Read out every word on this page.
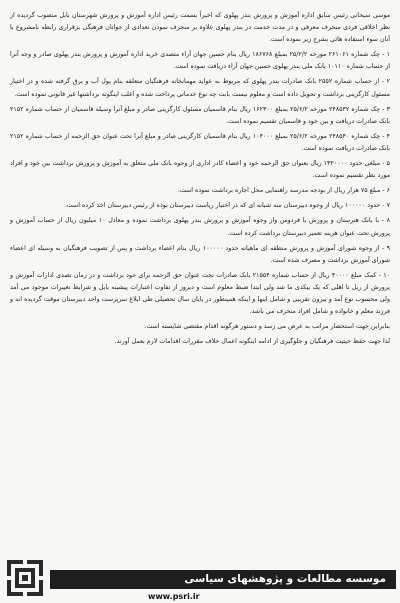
موسی سیحانی رئیس سابق اداره آموزش و پرورش بندر پهلوی که اخیراً بسمت رئیس اداره آموزش و پرورش شهرستان بابل منصوب گردیده از نظر اخلاقی فردی منحرف معرفی و در مدت خدمت در بندر پهلوی علاوه بر منحرف نمودن تعدادی از جوانان فرهنگی برقراری رابطه نامشروع با آنان سوء استفاده هائی بشرح زیر نموده است.

۱ - چک شماره ۲۶۱۰۶۱ مورخه ۲۵/۲/۲ بمبلغ ۱۸۶۷۶۸ ریال بنام حسین جهان آراء متصدی خرید اداره آموزش و پرورش بندر پهلوی صادر و وجه آنرا از حساب شماره ۱۰۱۱۰ بانک ملی بندر پهلوی حسین جهان آراء دریافت نموده است.

۲ - از حساب شماره ۲۵۵۲ بانک صادرات بندر پهلوی که مربوط به عواید مهمانخانه فرهنگیان متعلقه بنام پول آب و برق گرفته شده و در اختیار مسئول کارگزینی برداشت و تحویل داده است و معلوم نیست بابت چه نوع خدماتی پرداخت شده و اغلب اینگونه برداشتها غیر قانونی نموده است.

۳ - چک شماره ۲۴۸۵۳۲ مورخه ۲۵/۶/۲ بمبلغ ۱۶۲۳۰۰ ریال بنام قاسمیان مسئول کارگزینی صادر و مبلغ آنرا وسیله قاسمیان از حساب شماره ۲۱۵۲ بانک صادرات دریافت و بین خود و قاسمیان تقسیم نموده است.

۴ - چک شماره ۲۴۸۵۴۰ مورخه ۲۵/۶/۲ بمبلغ ۱۰۴۰۰۰ ریال بنام قاسمیان کارگزینی صادر و مبلغ آنرا تحت عنوان حق الزحمه از حساب شماره ۲۱۵۲ بانک صادرات دریافت نموده است.

۵ - مبلغی حدود ۱۳۲۰۰۰۰ ریال بعنوان حق الزحمه خود و اعضاء کادر اداری از وجوه بانک ملی متعلق به آموزش و پرورش برداشت بین خود و افراد مورد نظر تقسیم نموده است.

۶ - مبلغ ۷۵ هزار ریال از بودجه مدرسه راهنمایی محل اجاره برداشت نموده است.

۷ - حدود ۱۰۰۰۰۰ ریال از وجوه دبیرستان سه شبانه ای که در اختیار ریاست دبیرستان بوده از رئیس دبیرستان اخذ کرده است.

۸ - با بانک هنرستان و پرورش با فردوس واز وجوه آموزش و پرورش بندر پهلوی برداشت نموده و معادل ۱۰ میلیون ریال از حساب آموزش و پرورش تحت عنوان هزینه تعمیر دبیرستان برداشت کرده است.

۹ - از وجوه شورای آموزش و پرورش منطقه ای ماهیانه حدود ۱۰۰۰۰۰ ریال بنام اعضاء برداشت و پس از تصویب فرهنگیان به وسیله ای اعضاء شورای آموزش برداشت و مصرف شده است.

۱۰ - کمک مبلغ ۴۰۰۰۰ ریال از حساب شماره ۲۱۵۵۴ بانک صادرات تحت عنوان حق الزحمه برای خود برداشت و در زمان تصدی ادارات آموزش و پرورش از ریل تا اهلی که یک بیکدی ما شد ولی ابتدا ضبط معلوم است و دیروز از تفاوت اعتبارات پیشینه بابل و شرایط تغییرات موجود می آمد ولی محسوب نوع آمد و بیرون تقریبی و شامل اینها و اینکه همینطور در پایان سال تحصیلی طی ابلاغ سرپرست واحد دبیرستان موقت گردیده اند و فرزند معلم و خانواده و شامل افراد منحرف می باشد.

بنابراین جهت استحضار مراتب به عرض می رسد و دستور هرگونه اقدام مقتضی شایسته است.

لذا جهت حفظ حیثیت فرهنگیان و جلوگیری از ادامه اینگونه اعمال خلاف مقررات اقدامات لازم بعمل آورند.

موسسه مطالعات و پژوهشهای سیاسی
www.psri.ir
